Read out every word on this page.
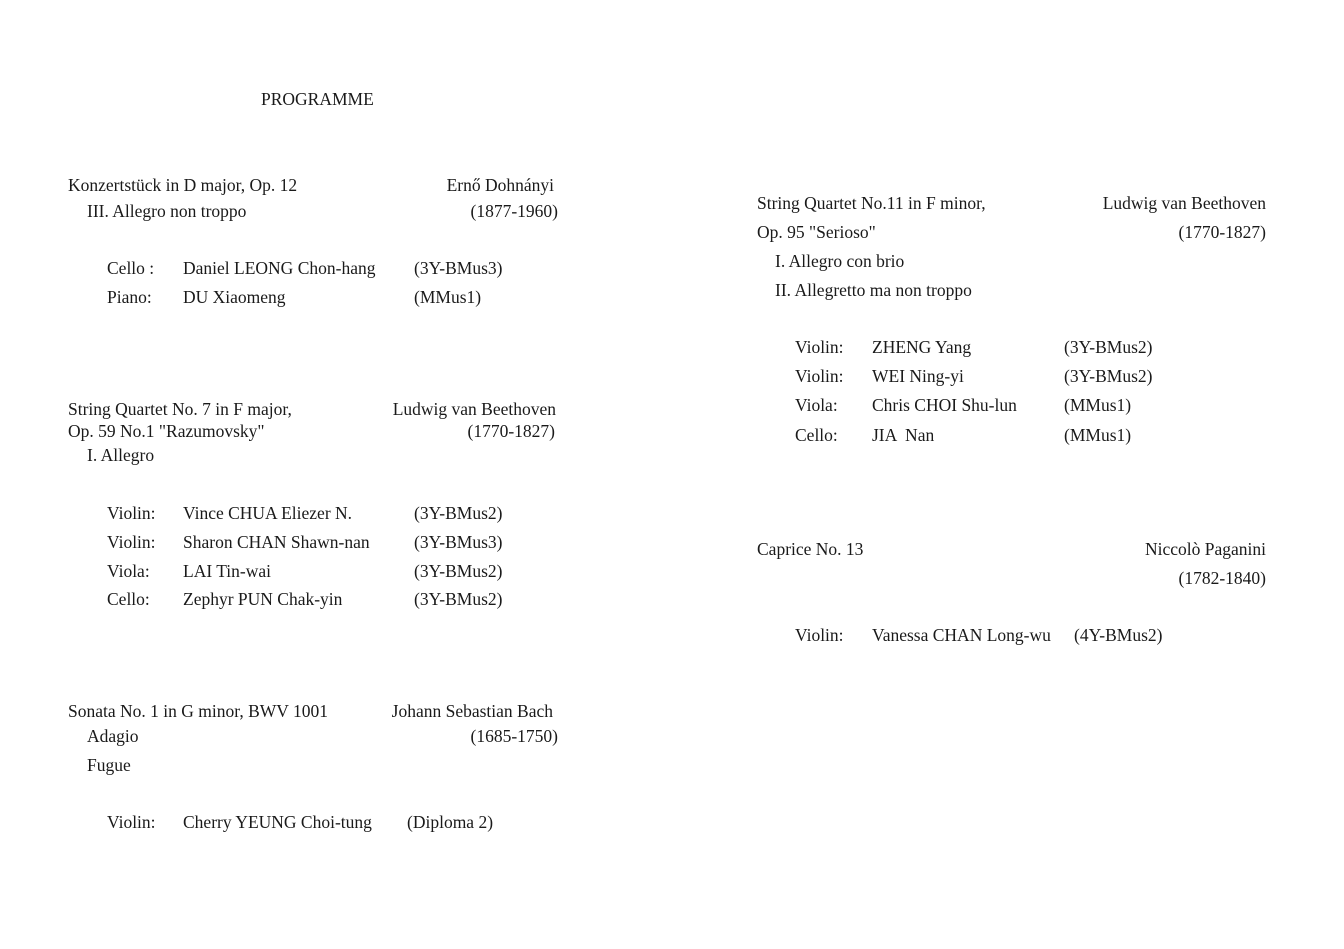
PROGRAMME
Konzertstück in D major, Op. 12	Ernő Dohnányi
III. Allegro non troppo	(1877-1960)
Cello : Daniel LEONG Chon-hang (3Y-BMus3)
Piano: DU Xiaomeng	(MMus1)
String Quartet No. 7 in F major,	Ludwig van Beethoven
Op. 59 No.1 "Razumovsky"	(1770-1827)
I. Allegro
Violin: Vince CHUA Eliezer N.	(3Y-BMus2)
Violin: Sharon CHAN Shawn-nan	(3Y-BMus3)
Viola: LAI Tin-wai	(3Y-BMus2)
Cello: Zephyr PUN Chak-yin	(3Y-BMus2)
Sonata No. 1 in G minor, BWV 1001	Johann Sebastian Bach
Adagio	(1685-1750)
Fugue
Violin: Cherry YEUNG Choi-tung (Diploma 2)
String Quartet No.11 in F minor,	Ludwig van Beethoven
Op. 95 "Serioso"	(1770-1827)
I. Allegro con brio
II. Allegretto ma non troppo
Violin: ZHENG Yang	(3Y-BMus2)
Violin: WEI Ning-yi	(3Y-BMus2)
Viola: Chris CHOI Shu-lun	(MMus1)
Cello: JIA  Nan	(MMus1)
Caprice No. 13	Niccolò Paganini
(1782-1840)
Violin: Vanessa CHAN Long-wu (4Y-BMus2)
